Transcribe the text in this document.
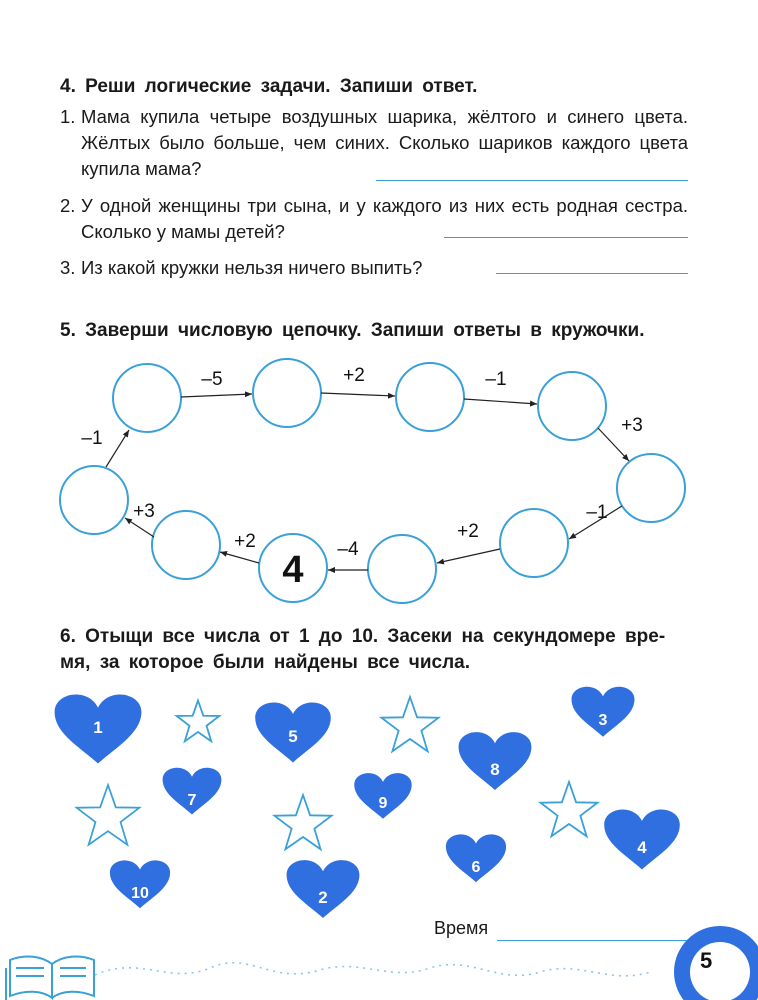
4. Реши логические задачи. Запиши ответ.
1. Мама купила четыре воздушных шарика, жёлтого и синего цвета. Жёлтых было больше, чем синих. Сколько шариков каждого цвета купила мама?
2. У одной женщины три сына, и у каждого из них есть родная сестра. Сколько у мамы детей?
3. Из какой кружки нельзя ничего выпить?
5. Заверши числовую цепочку. Запиши ответы в кружочки.
4
–5	+2	–1
+3
–1
+2
–4
+2
+3
–1
6. Отыщи все числа от 1 до 10. Засеки на секундомере вре-
мя, за которое были найдены все числа.
1	5
3
8
7	9
6
4
10	2
Время
5
